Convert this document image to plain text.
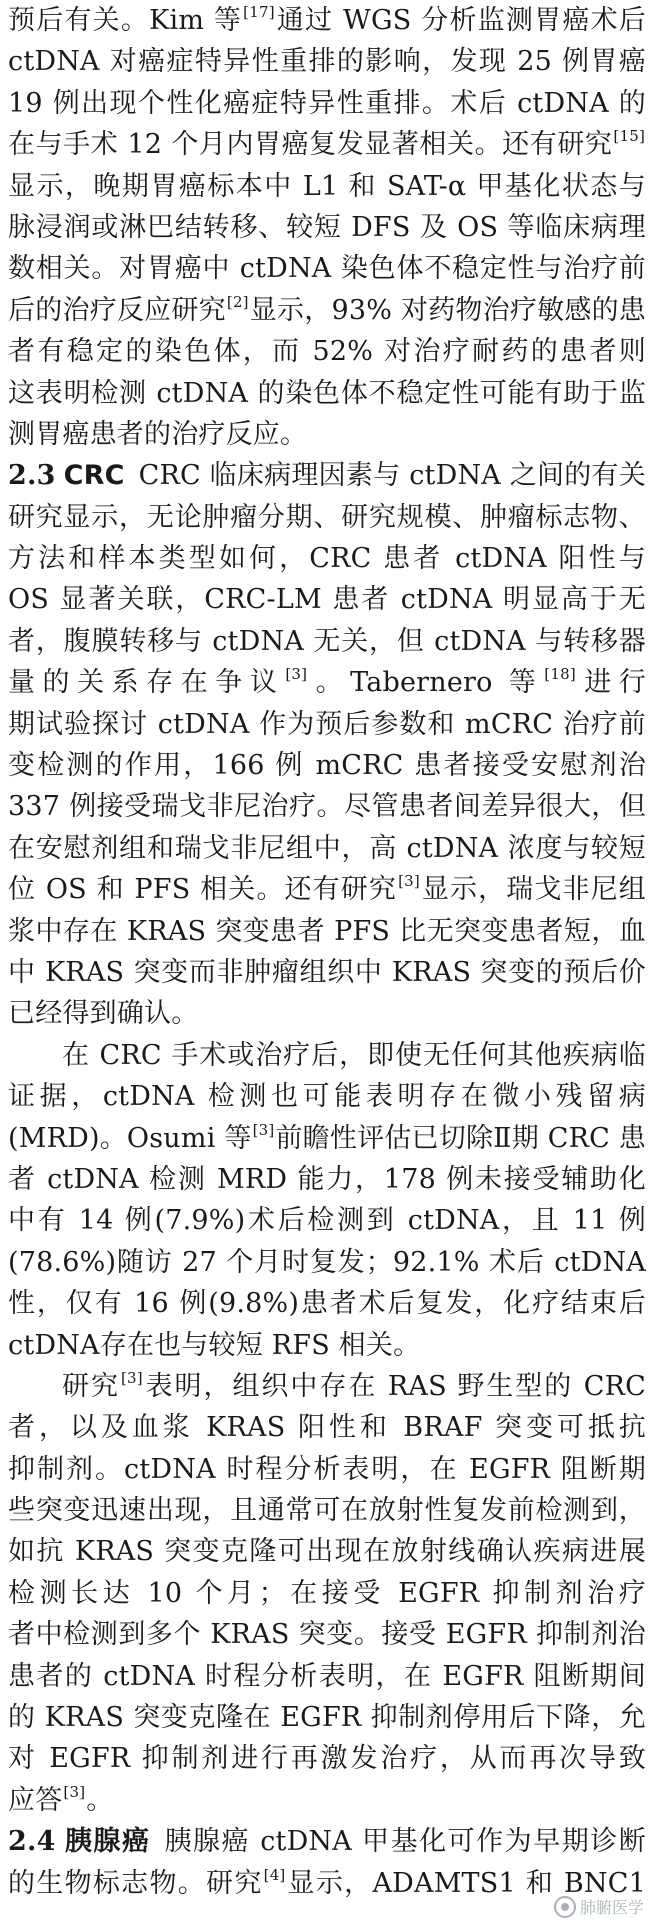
预后有关。Kim 等[17]通过 WGS 分析监测胃癌术后
ctDNA 对癌症特异性重排的影响，发现 25 例胃癌
19 例出现个性化癌症特异性重排。术后 ctDNA 的
在与手术 12 个月内胃癌复发显著相关。还有研究[15]
显示，晚期胃癌标本中 L1 和 SAT-α 甲基化状态与
脉浸润或淋巴结转移、较短 DFS 及 OS 等临床病理
数相关。对胃癌中 ctDNA 染色体不稳定性与治疗前
后的治疗反应研究[2]显示，93% 对药物治疗敏感的患
者有稳定的染色体，而 52% 对治疗耐药的患者则
这表明检测 ctDNA 的染色体不稳定性可能有助于监
测胃癌患者的治疗反应。
2.3 CRC CRC 临床病理因素与 ctDNA 之间的有关
研究显示，无论肿瘤分期、研究规模、肿瘤标志物、
方法和样本类型如何，CRC 患者 ctDNA 阳性与
OS 显著关联，CRC-LM 患者 ctDNA 明显高于无
者，腹膜转移与 ctDNA 无关，但 ctDNA 与转移器
量的关系存在争议[3]。Tabernero 等[18]进行
期试验探讨 ctDNA 作为预后参数和 mCRC 治疗前
变检测的作用，166 例 mCRC 患者接受安慰剂治
337 例接受瑞戈非尼治疗。尽管患者间差异很大，但
在安慰剂组和瑞戈非尼组中，高 ctDNA 浓度与较短
位 OS 和 PFS 相关。还有研究[3]显示，瑞戈非尼组
浆中存在 KRAS 突变患者 PFS 比无突变患者短，血
中 KRAS 突变而非肿瘤组织中 KRAS 突变的预后价
已经得到确认。
在 CRC 手术或治疗后，即使无任何其他疾病临
证据，ctDNA 检测也可能表明存在微小残留病
(MRD)。Osumi 等[3]前瞻性评估已切除Ⅱ期 CRC 患
者 ctDNA 检测 MRD 能力，178 例未接受辅助化
中有 14 例(7.9%)术后检测到 ctDNA，且 11 例
(78.6%)随访 27 个月时复发；92.1% 术后 ctDNA
性，仅有 16 例(9.8%)患者术后复发，化疗结束后
ctDNA存在也与较短 RFS 相关。
研究[3]表明，组织中存在 RAS 野生型的 CRC
者，以及血浆 KRAS 阳性和 BRAF 突变可抵抗
抑制剂。ctDNA 时程分析表明，在 EGFR 阻断期
些突变迅速出现，且通常可在放射性复发前检测到，
如抗 KRAS 突变克隆可出现在放射线确认疾病进展
检测长达 10 个月；在接受 EGFR 抑制剂治疗
者中检测到多个 KRAS 突变。接受 EGFR 抑制剂治
患者的 ctDNA 时程分析表明，在 EGFR 阻断期间
的 KRAS 突变克隆在 EGFR 抑制剂停用后下降，允
对 EGFR 抑制剂进行再激发治疗，从而再次导致
应答[3]。
2.4 胰腺癌 胰腺癌 ctDNA 甲基化可作为早期诊断
的生物标志物。研究[4]显示，ADAMTS1 和 BNC1
肺腑医学
